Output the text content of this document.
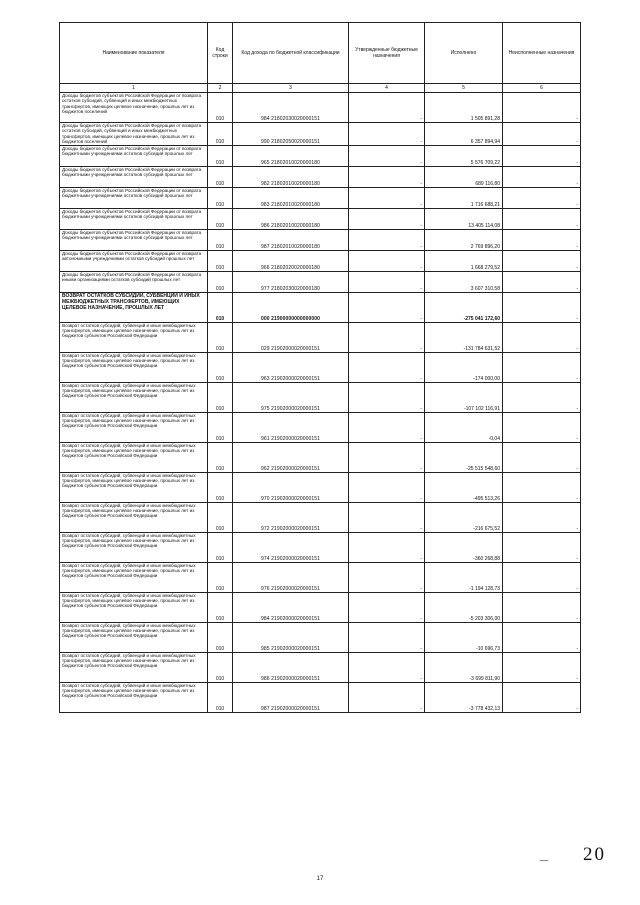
Наименование показателя	Код строки	Код дохода по бюджетной классификации	Утвержденные бюджетные назначения	Исполнено	Неисполненные назначения
1	2	3	4	5	6
Доходы бюджетов субъектов Российской Федерации от возврата остатков субсидий, субвенций и иных межбюджетных трансфертов, имеющих целевое назначение, прошлых лет из бюджетов поселений	010	984 21802030020000151	-	1 505 891,28	-
Доходы бюджетов субъектов Российской Федерации от возврата остатков субсидий, субвенций и иных межбюджетных трансфертов, имеющих целевое назначение, прошлых лет из бюджетов поселений	010	990 21802050020000151	-	6 357 894,94	-
Доходы бюджетов субъектов Российской Федерации от возврата бюджетными учреждениями остатков субсидий прошлых лет	010	965 21802010020000180	-	5 576 709,22	-
Доходы бюджетов субъектов Российской Федерации от возврата бюджетными учреждениями остатков субсидий прошлых лет	010	982 21802010020000180	-	689 116,80	-
Доходы бюджетов субъектов Российской Федерации от возврата бюджетными учреждениями остатков субсидий прошлых лет	010	983 21802010020000180	-	1 716 688,21	-
Доходы бюджетов субъектов Российской Федерации от возврата бюджетными учреждениями остатков субсидий прошлых лет	010	986 21802010020000180	-	13 405 114,08	-
Доходы бюджетов субъектов Российской Федерации от возврата бюджетными учреждениями остатков субсидий прошлых лет	010	987 21802010020000180	-	2 769 896,20	-
Доходы бюджетов субъектов Российской Федерации от возврата автономными учреждениями остатков субсидий прошлых лет	010	966 21802020020000180	-	1 668 279,52	-
Доходы бюджетов субъектов Российской Федерации от возврата иными организациями остатков субсидий прошлых лет	010	977 21802030020000180	-	3 607 310,58	-
ВОЗВРАТ ОСТАТКОВ СУБСИДИЙ, СУБВЕНЦИЙ И ИНЫХ МЕЖБЮДЖЕТНЫХ ТРАНСФЕРТОВ, ИМЕЮЩИХ ЦЕЛЕВОЕ НАЗНАЧЕНИЕ, ПРОШЛЫХ ЛЕТ	010	000 21900000000000000	-	-275 041 172,60	-
Возврат остатков субсидий, субвенций и иных межбюджетных трансфертов, имеющих целевое назначение, прошлых лет из бюджетов субъектов Российской Федерации	010	029 21902000020000151	-	-131 784 631,52	-
Возврат остатков субсидий, субвенций и иных межбюджетных трансфертов, имеющих целевое назначение, прошлых лет из бюджетов субъектов Российской Федерации	010	963 21902000020000151	-	-174 000,00	-
Возврат остатков субсидий, субвенций и иных межбюджетных трансфертов, имеющих целевое назначение, прошлых лет из бюджетов субъектов Российской Федерации	010	975 21902000020000151	-	-107 102 116,91	-
Возврат остатков субсидий, субвенций и иных межбюджетных трансфертов, имеющих целевое назначение, прошлых лет из бюджетов субъектов Российской Федерации	010	961 21902000020000151	-	-0,04	-
Возврат остатков субсидий, субвенций и иных межбюджетных трансфертов, имеющих целевое назначение, прошлых лет из бюджетов субъектов Российской Федерации	010	962 21902000020000151	-	-25 515 548,60	-
Возврат остатков субсидий, субвенций и иных межбюджетных трансфертов, имеющих целевое назначение, прошлых лет из бюджетов субъектов Российской Федерации	010	970 21902000020000151	-	-495 513,26	-
Возврат остатков субсидий, субвенций и иных межбюджетных трансфертов, имеющих целевое назначение, прошлых лет из бюджетов субъектов Российской Федерации	010	972 21902000020000151	-	-216 675,52	-
Возврат остатков субсидий, субвенций и иных межбюджетных трансфертов, имеющих целевое назначение, прошлых лет из бюджетов субъектов Российской Федерации	010	974 21902000020000151	-	-360 268,88	-
Возврат остатков субсидий, субвенций и иных межбюджетных трансфертов, имеющих целевое назначение, прошлых лет из бюджетов субъектов Российской Федерации	010	976 21902000020000151	-	-1 194 128,73	-
Возврат остатков субсидий, субвенций и иных межбюджетных трансфертов, имеющих целевое назначение, прошлых лет из бюджетов субъектов Российской Федерации	010	984 21902000020000151	-	-5 203 306,00	-
Возврат остатков субсидий, субвенций и иных межбюджетных трансфертов, имеющих целевое назначение, прошлых лет из бюджетов субъектов Российской Федерации	010	985 21902000020000151	-	-10 696,73	-
Возврат остатков субсидий, субвенций и иных межбюджетных трансфертов, имеющих целевое назначение, прошлых лет из бюджетов субъектов Российской Федерации	010	986 21902000020000151	-	-3 699 811,90	-
Возврат остатков субсидий, субвенций и иных межбюджетных трансфертов, имеющих целевое назначение, прошлых лет из бюджетов субъектов Российской Федерации	010	987 21902000020000151	-	-3 778 432,13	-
— 20
17
